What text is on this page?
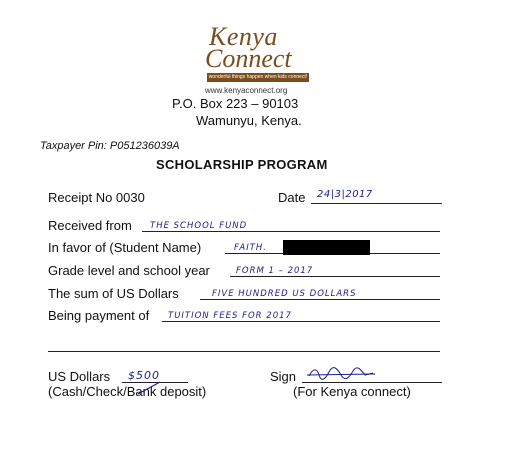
Kenya
Connect
wonderful things happen when kids connect!
www.kenyaconnect.org
P.O. Box 223 – 90103
Wamunyu, Kenya.
Taxpayer Pin: P051236039A
SCHOLARSHIP PROGRAM
Receipt No 0030	Date 24|3|2017
Received from THE SCHOOL FUND
In favor of (Student Name)	FAITH.
Grade level and school year	FORM 1 – 2017
The sum of US Dollars	FIVE HUNDRED US DOLLARS
Being payment of TUITION FEES FOR 2017
US Dollars $500
(Cash/Check/Bank deposit)
Sign
(For Kenya connect)
